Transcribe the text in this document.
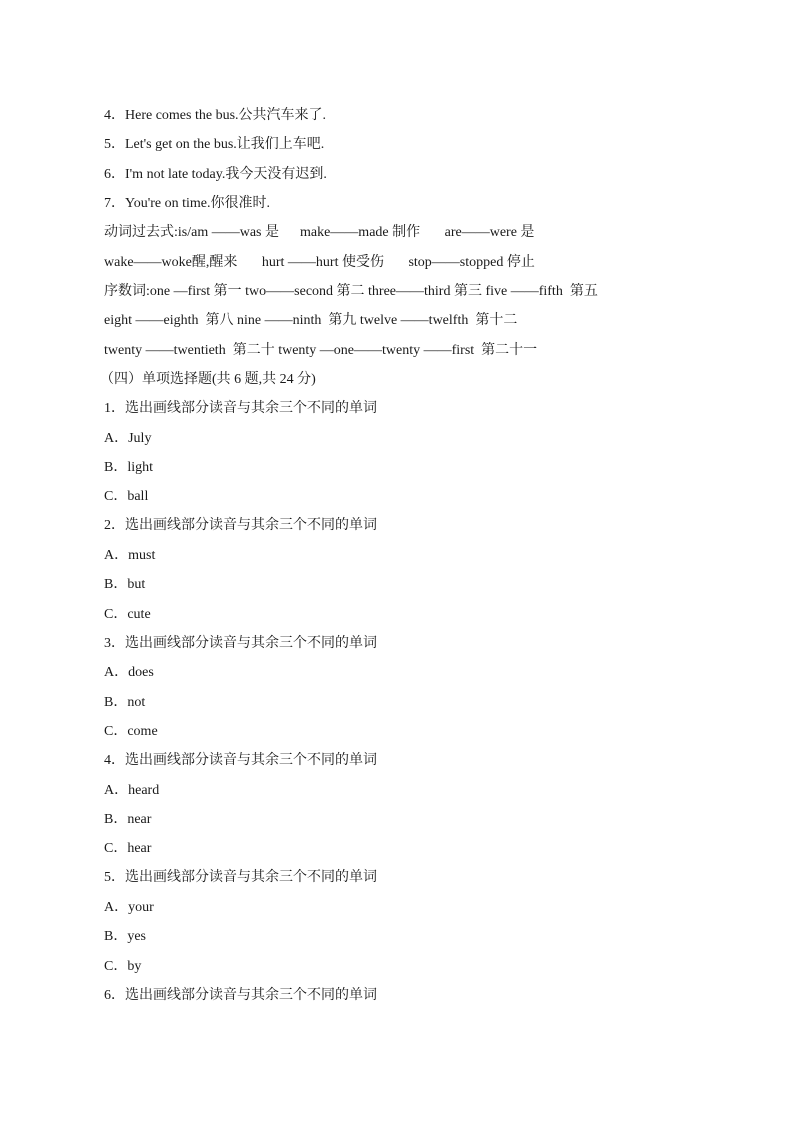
4．Here comes the bus.公共汽车来了.
5．Let's get on the bus.让我们上车吧.
6．I'm not late today.我今天没有迟到.
7．You're on time.你很准时.
动词过去式:is/am ——was 是      make——made 制作       are——were 是
wake——woke醒,醒来       hurt ——hurt 使受伤       stop——stopped 停止
序数词:one —first 第一 two——second 第二 three——third 第三 five ——fifth  第五
eight ——eighth  第八 nine ——ninth  第九 twelve ——twelfth  第十二
twenty ——twentieth  第二十 twenty —one——twenty ——first  第二十一
（四）单项选择题(共 6 题,共 24 分)
1．选出画线部分读音与其余三个不同的单词
A．July
B．light
C．ball
2．选出画线部分读音与其余三个不同的单词
A．must
B．but
C．cute
3．选出画线部分读音与其余三个不同的单词
A．does
B．not
C．come
4．选出画线部分读音与其余三个不同的单词
A．heard
B．near
C．hear
5．选出画线部分读音与其余三个不同的单词
A．your
B．yes
C．by
6．选出画线部分读音与其余三个不同的单词
